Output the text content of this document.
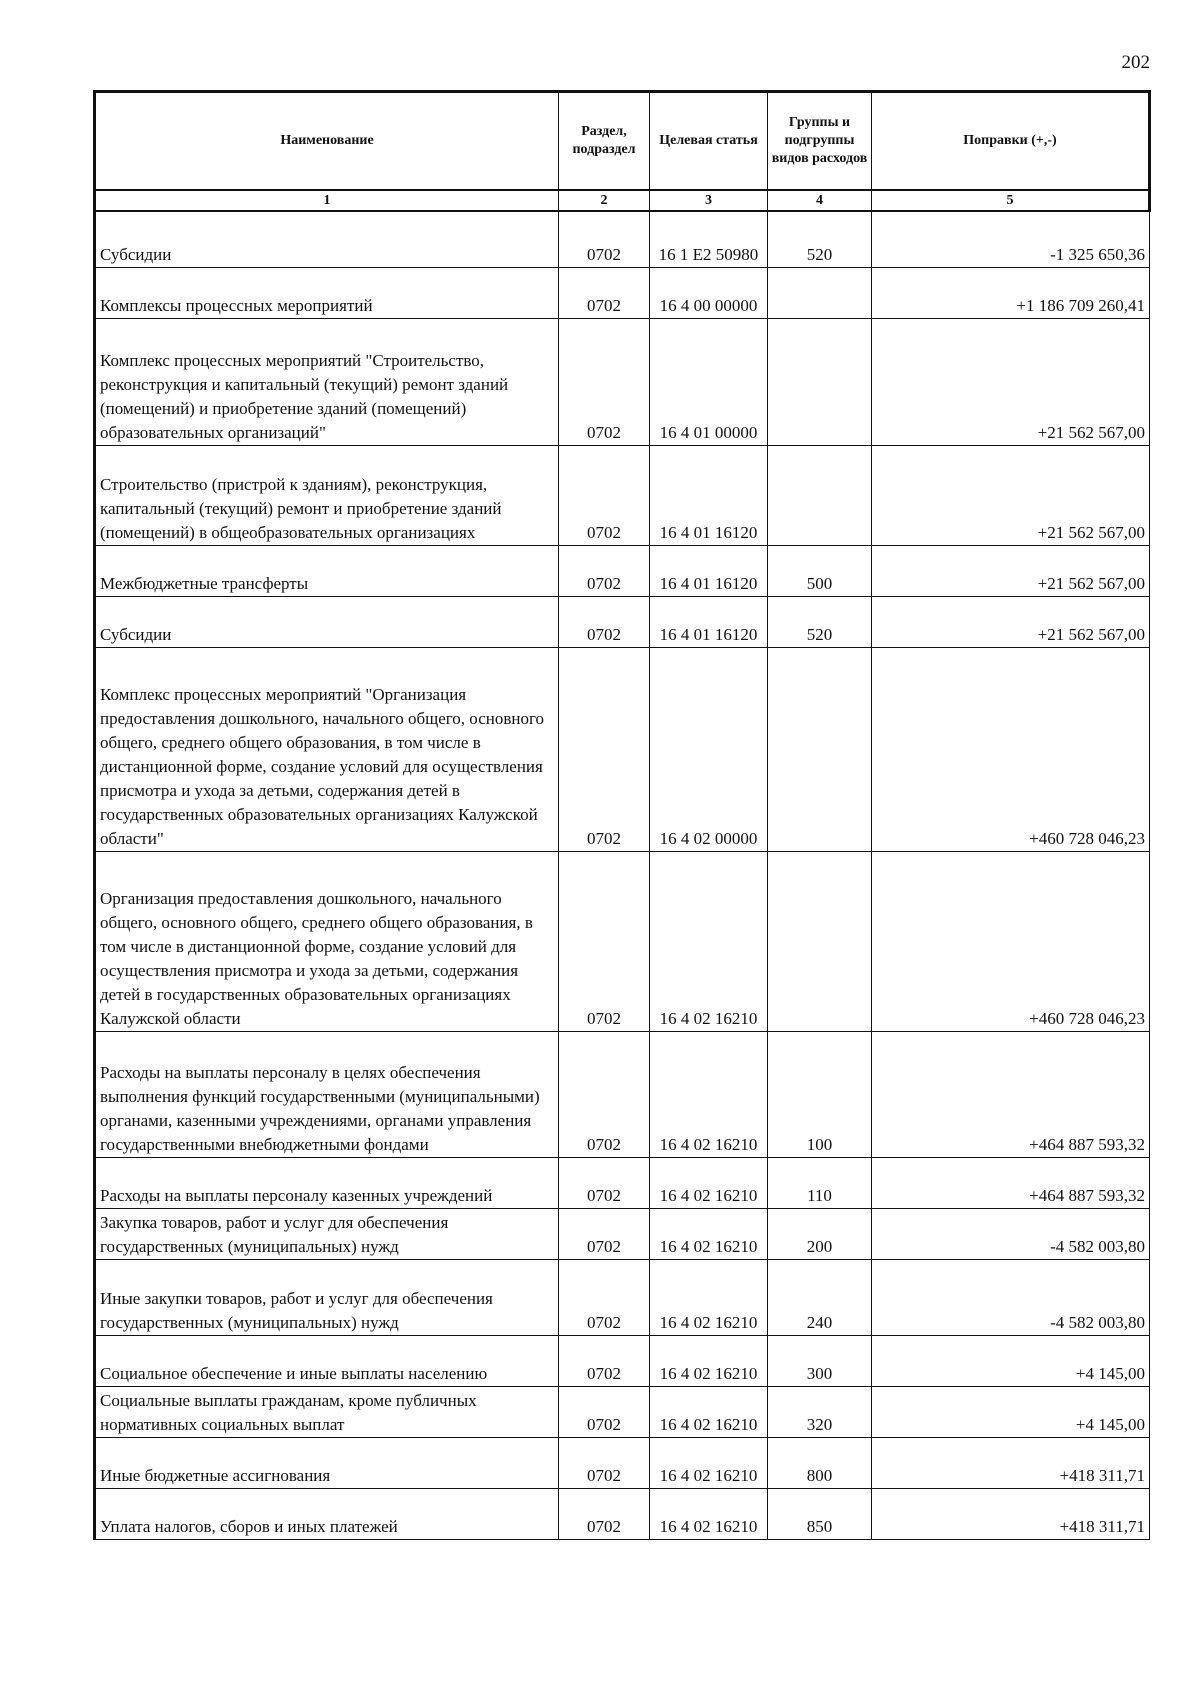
202
Наименование	Раздел, подраздел	Целевая статья	Группы и подгруппы видов расходов	Поправки (+,-)
1	2	3	4	5
Субсидии	0702	16 1 Е2 50980	520	-1 325 650,36
Комплексы процессных мероприятий	0702	16 4 00 00000		+1 186 709 260,41
Комплекс процессных мероприятий "Строительство, реконструкция и капитальный (текущий) ремонт зданий (помещений) и приобретение зданий (помещений) образовательных организаций"	0702	16 4 01 00000		+21 562 567,00
Строительство (пристрой к зданиям), реконструкция, капитальный (текущий) ремонт и приобретение зданий (помещений) в общеобразовательных организациях	0702	16 4 01 16120		+21 562 567,00
Межбюджетные трансферты	0702	16 4 01 16120	500	+21 562 567,00
Субсидии	0702	16 4 01 16120	520	+21 562 567,00
Комплекс процессных мероприятий "Организация предоставления дошкольного, начального общего, основного общего, среднего общего образования, в том числе в дистанционной форме, создание условий для осуществления присмотра и ухода за детьми, содержания детей в государственных образовательных организациях Калужской области"	0702	16 4 02 00000		+460 728 046,23
Организация предоставления дошкольного, начального общего, основного общего, среднего общего образования, в том числе в дистанционной форме, создание условий для осуществления присмотра и ухода за детьми, содержания детей в государственных образовательных организациях Калужской области	0702	16 4 02 16210		+460 728 046,23
Расходы на выплаты персоналу в целях обеспечения выполнения функций государственными (муниципальными) органами, казенными учреждениями, органами управления государственными внебюджетными фондами	0702	16 4 02 16210	100	+464 887 593,32
Расходы на выплаты персоналу казенных учреждений	0702	16 4 02 16210	110	+464 887 593,32
Закупка товаров, работ и услуг для обеспечения государственных (муниципальных) нужд	0702	16 4 02 16210	200	-4 582 003,80
Иные закупки товаров, работ и услуг для обеспечения государственных (муниципальных) нужд	0702	16 4 02 16210	240	-4 582 003,80
Социальное обеспечение и иные выплаты населению	0702	16 4 02 16210	300	+4 145,00
Социальные выплаты гражданам, кроме публичных нормативных социальных выплат	0702	16 4 02 16210	320	+4 145,00
Иные бюджетные ассигнования	0702	16 4 02 16210	800	+418 311,71
Уплата налогов, сборов и иных платежей	0702	16 4 02 16210	850	+418 311,71
